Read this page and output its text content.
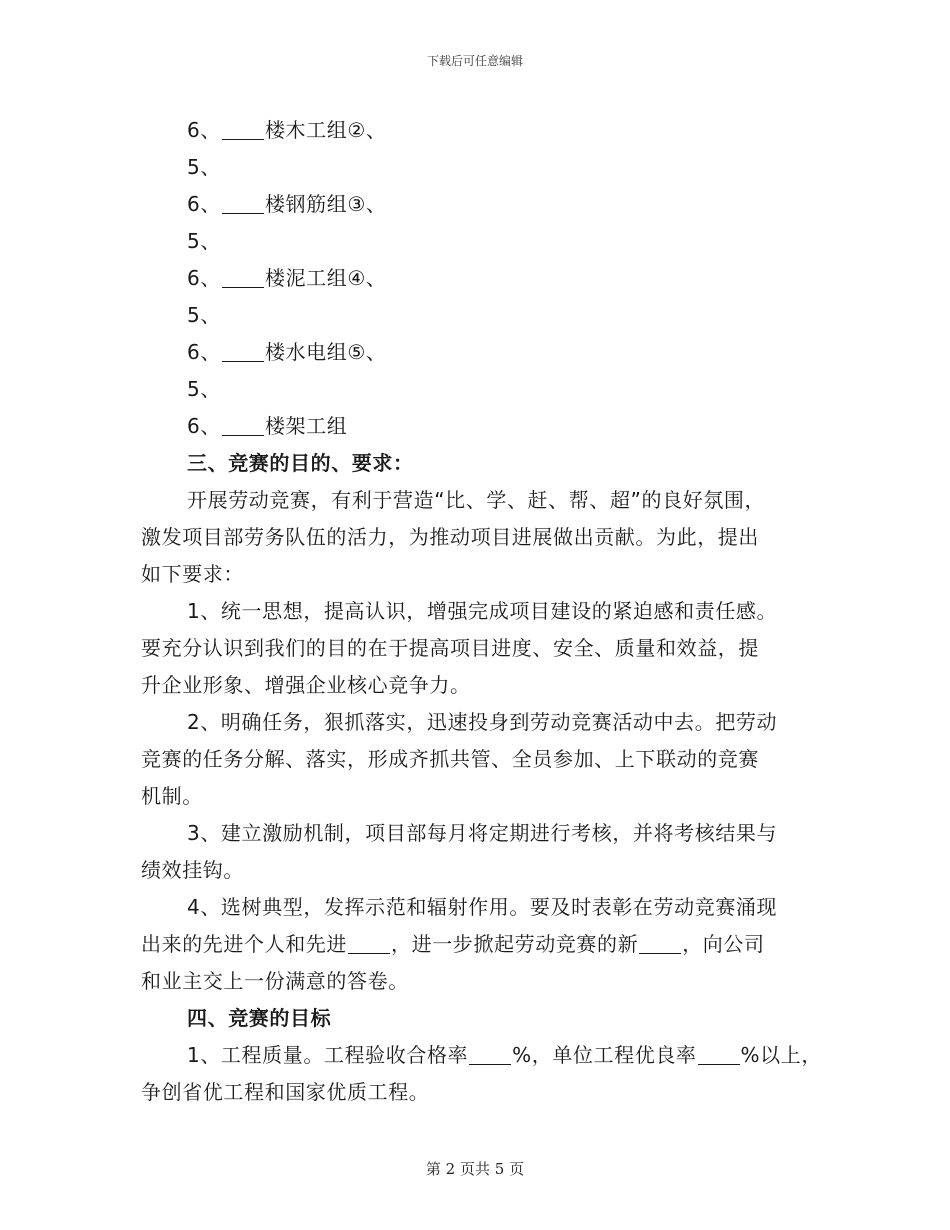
下载后可任意编辑
6、 楼木工组②、
5、
6、 楼钢筋组③、
5、
6、 楼泥工组④、
5、
6、 楼水电组⑤、
5、
6、 楼架工组
三、竞赛的目的、要求：
开展劳动竞赛，有利于营造“比、学、赶、帮、超”的良好氛围，
激发项目部劳务队伍的活力，为推动项目进展做出贡献。为此，提出
如下要求：
1、统一思想，提高认识，增强完成项目建设的紧迫感和责任感。
要充分认识到我们的目的在于提高项目进度、安全、质量和效益，提
升企业形象、增强企业核心竞争力。
2、明确任务，狠抓落实，迅速投身到劳动竞赛活动中去。把劳动
竞赛的任务分解、落实，形成齐抓共管、全员参加、上下联动的竞赛
机制。
3、建立激励机制，项目部每月将定期进行考核，并将考核结果与
绩效挂钩。
4、选树典型，发挥示范和辐射作用。要及时表彰在劳动竞赛涌现
出来的先进个人和先进 ，进一步掀起劳动竞赛的新 ，向公司
和业主交上一份满意的答卷。
四、竞赛的目标
1、工程质量。工程验收合格率 %，单位工程优良率 %以上，
争创省优工程和国家优质工程。
第 2 页共 5 页
